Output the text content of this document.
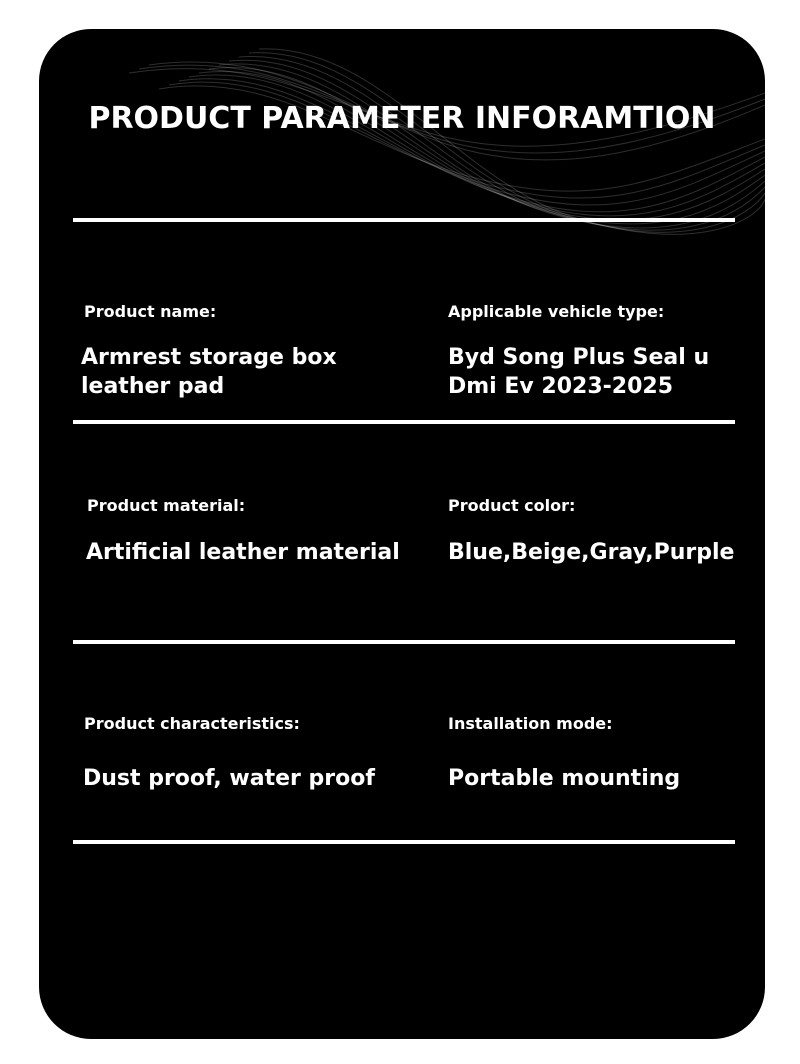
PRODUCT PARAMETER INFORAMTION
Product name:
Armrest storage box leather pad
Applicable vehicle type:
Byd Song Plus Seal u Dmi Ev 2023-2025
Product material:
Artificial leather material
Product color:
Blue,Beige,Gray,Purple
Product characteristics:
Dust proof, water proof
Installation mode:
Portable mounting
